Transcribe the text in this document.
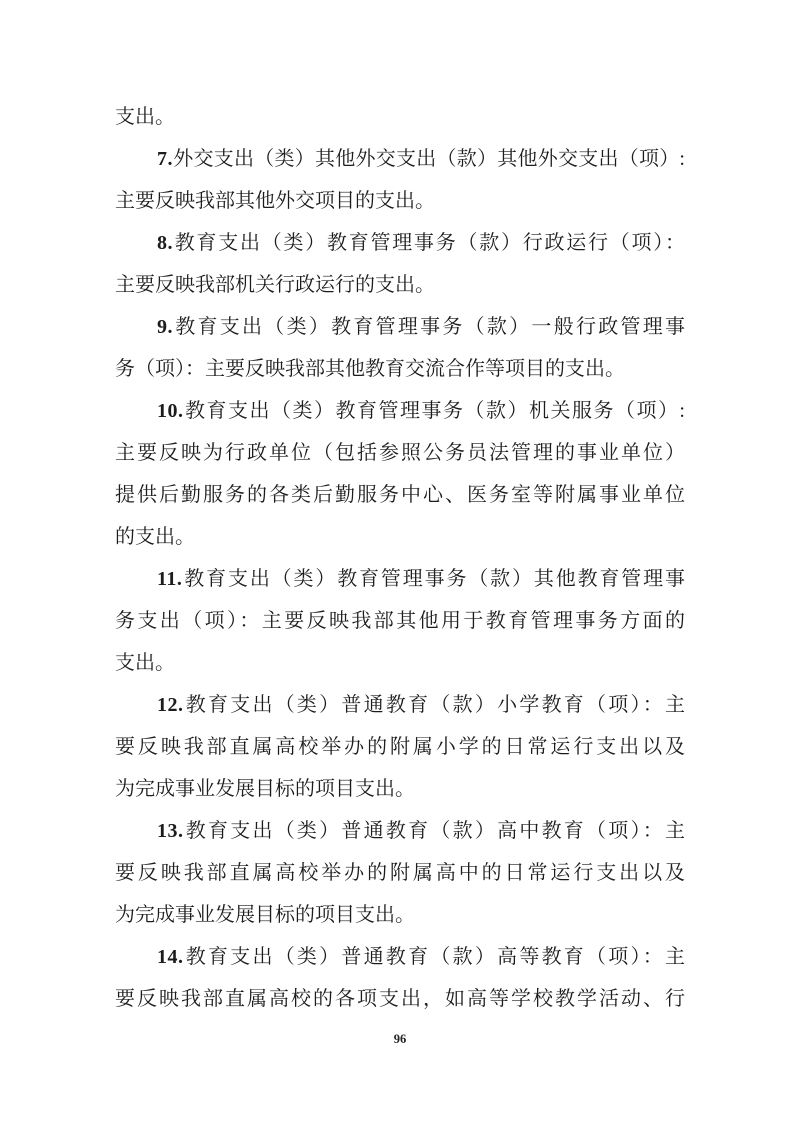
支出。
7.外交支出（类）其他外交支出（款）其他外交支出（项）:
主要反映我部其他外交项目的支出。
8.教育支出（类）教育管理事务（款）行政运行（项）：
主要反映我部机关行政运行的支出。
9.教育支出（类）教育管理事务（款）一般行政管理事
务（项）：主要反映我部其他教育交流合作等项目的支出。
10.教育支出（类）教育管理事务（款）机关服务（项）:
主要反映为行政单位（包括参照公务员法管理的事业单位）
提供后勤服务的各类后勤服务中心、医务室等附属事业单位
的支出。
11.教育支出（类）教育管理事务（款）其他教育管理事
务支出（项）：主要反映我部其他用于教育管理事务方面的
支出。
12.教育支出（类）普通教育（款）小学教育（项）：主
要反映我部直属高校举办的附属小学的日常运行支出以及
为完成事业发展目标的项目支出。
13.教育支出（类）普通教育（款）高中教育（项）：主
要反映我部直属高校举办的附属高中的日常运行支出以及
为完成事业发展目标的项目支出。
14.教育支出（类）普通教育（款）高等教育（项）：主
要反映我部直属高校的各项支出，如高等学校教学活动、行
96
